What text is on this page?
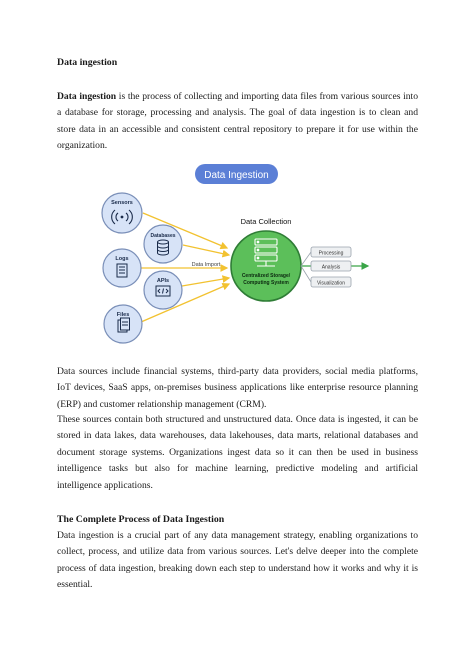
Data ingestion

Data ingestion is the process of collecting and importing data files from various sources into a database for storage, processing and analysis. The goal of data ingestion is to clean and store data in an accessible and consistent central repository to prepare it for use within the organization.

Data Ingestion
Sensors
Databases
Logs
APIs
Files
Data Import
Data Collection
Centralized Storage/
Computing System
Processing
Analysis
Visualization

Data sources include financial systems, third-party data providers, social media platforms, IoT devices, SaaS apps, on-premises business applications like enterprise resource planning (ERP) and customer relationship management (CRM).

These sources contain both structured and unstructured data. Once data is ingested, it can be stored in data lakes, data warehouses, data lakehouses, data marts, relational databases and document storage systems. Organizations ingest data so it can then be used in business intelligence tasks but also for machine learning, predictive modeling and artificial intelligence applications.

The Complete Process of Data Ingestion

Data ingestion is a crucial part of any data management strategy, enabling organizations to collect, process, and utilize data from various sources. Let's delve deeper into the complete process of data ingestion, breaking down each step to understand how it works and why it is essential.
